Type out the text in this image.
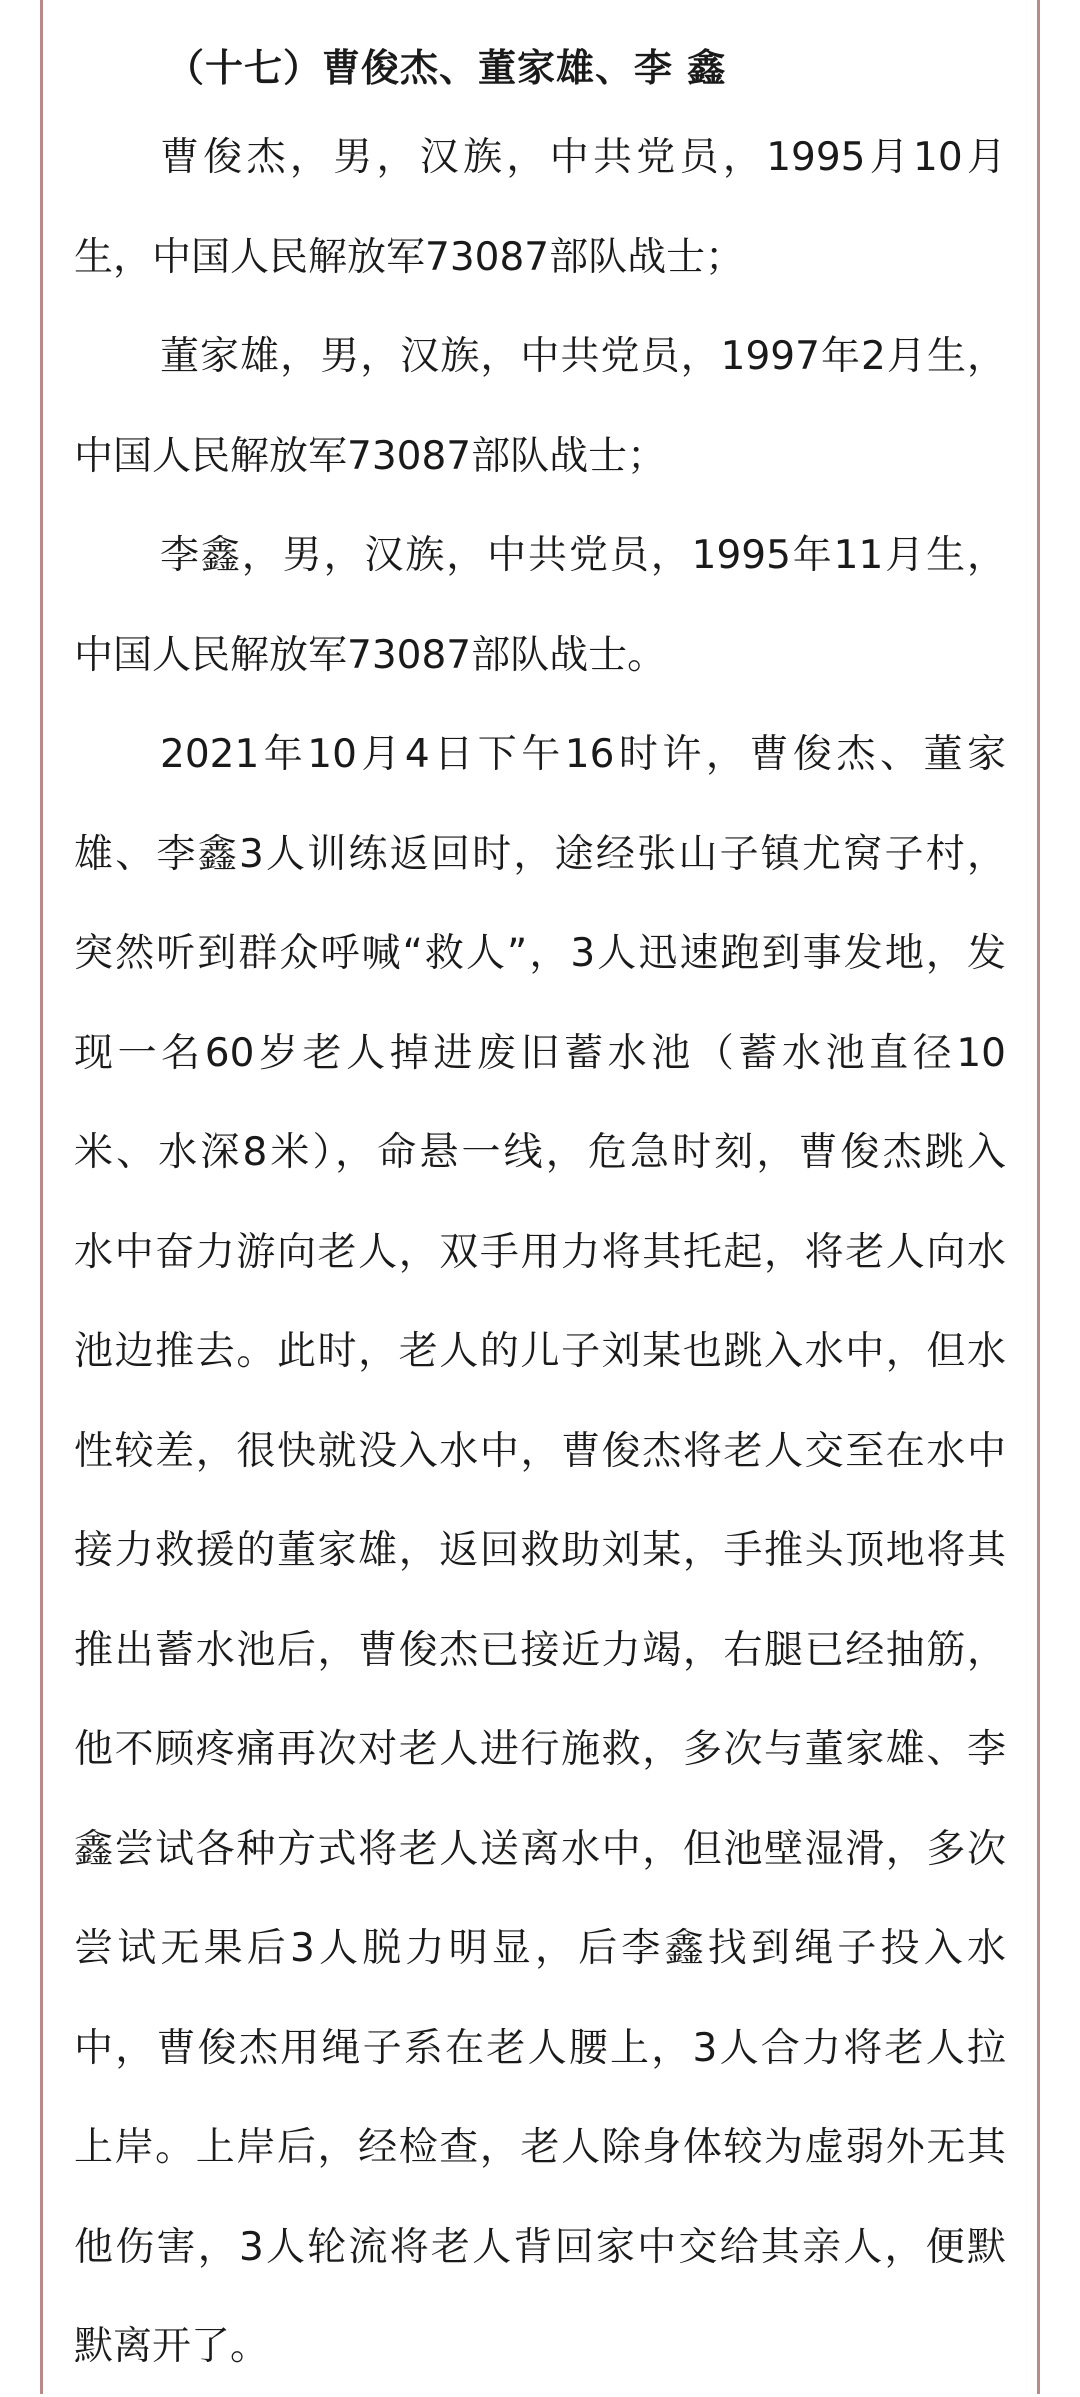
（十七）曹俊杰、董家雄、李 鑫

曹俊杰，男，汉族，中共党员，1995月10月

生，中国人民解放军73087部队战士；

董家雄，男，汉族，中共党员，1997年2月生，

中国人民解放军73087部队战士；

李鑫，男，汉族，中共党员，1995年11月生，

中国人民解放军73087部队战士。

2021年10月4日下午16时许，曹俊杰、董家

雄、李鑫3人训练返回时，途经张山子镇尤窝子村，

突然听到群众呼喊“救人”，3人迅速跑到事发地，发

现一名60岁老人掉进废旧蓄水池（蓄水池直径10

米、水深8米），命悬一线，危急时刻，曹俊杰跳入

水中奋力游向老人，双手用力将其托起，将老人向水

池边推去。此时，老人的儿子刘某也跳入水中，但水

性较差，很快就没入水中，曹俊杰将老人交至在水中

接力救援的董家雄，返回救助刘某，手推头顶地将其

推出蓄水池后，曹俊杰已接近力竭，右腿已经抽筋，

他不顾疼痛再次对老人进行施救，多次与董家雄、李

鑫尝试各种方式将老人送离水中，但池壁湿滑，多次

尝试无果后3人脱力明显，后李鑫找到绳子投入水

中，曹俊杰用绳子系在老人腰上，3人合力将老人拉

上岸。上岸后，经检查，老人除身体较为虚弱外无其

他伤害，3人轮流将老人背回家中交给其亲人，便默

默离开了。
